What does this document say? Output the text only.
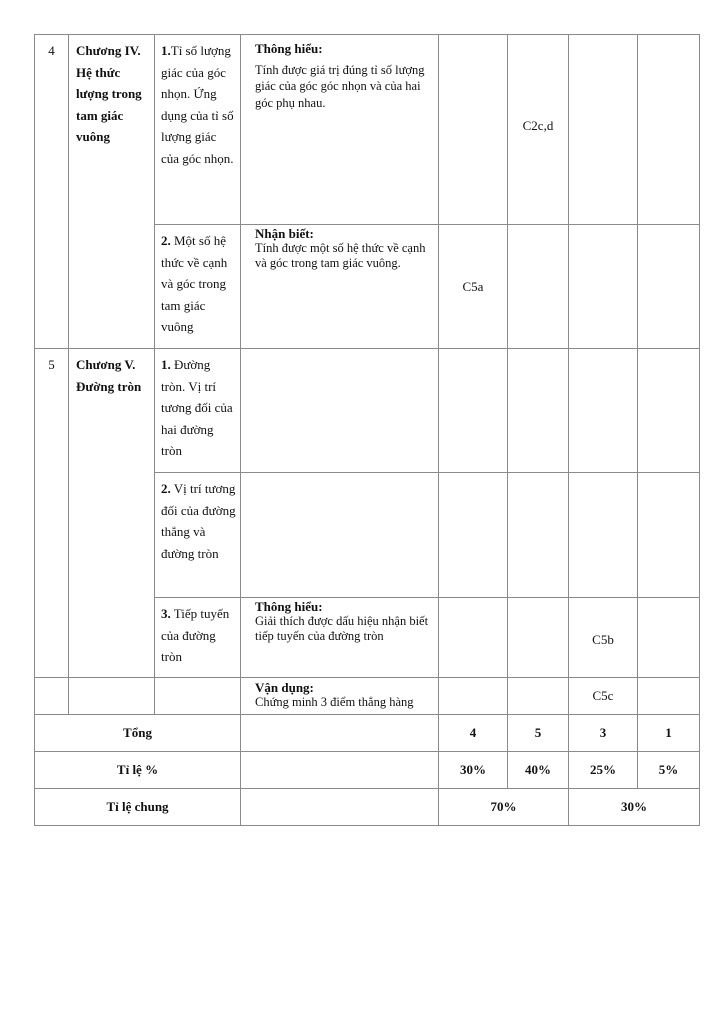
4	Chương IV. Hệ thức lượng trong tam giác vuông	1.Tỉ số lượng giác của góc nhọn. Ứng dụng của tỉ số lượng giác của góc nhọn.	Thông hiểu:
Tính được giá trị đúng tỉ số lượng giác của góc góc nhọn và của hai góc phụ nhau.		C2c,d		
		2. Một số hệ thức về cạnh và góc trong tam giác vuông	Nhận biết:
Tính được một số hệ thức về cạnh và góc trong tam giác vuông.	C5a			
5	Chương V. Đường tròn	1. Đường tròn. Vị trí tương đối của hai đường tròn					
		2. Vị trí tương đối của đường thẳng và đường tròn					
		3. Tiếp tuyến của đường tròn	Thông hiểu:
Giải thích được dấu hiệu nhận biết tiếp tuyến của đường tròn			C5b	

			Vận dụng:
Chứng minh 3 điểm thẳng hàng			C5c	
Tổng				4	5	3	1
Tỉ lệ %				30%	40%	25%	5%
Tỉ lệ chung				70%		30%	
